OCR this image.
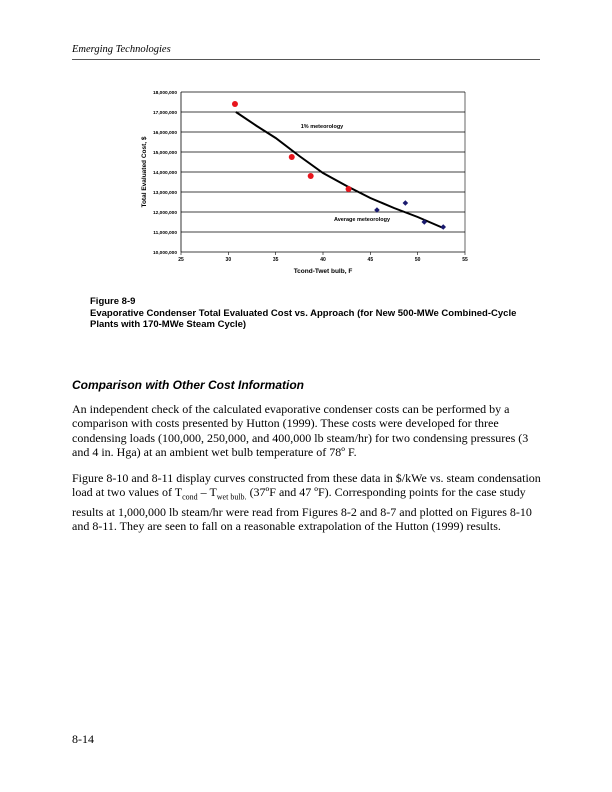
Emerging Technologies
10,000,000
11,000,000
12,000,000
13,000,000
14,000,000
15,000,000
16,000,000
17,000,000
18,000,000
25	30	35	40	45	50	55
Tcond-Twet bulb, F
Total Evaluated Cost, $
1% meteorology
Average meteorology
Figure 8-9
Evaporative Condenser Total Evaluated Cost vs. Approach (for New 500-MWe Combined-Cycle Plants with 170-MWe Steam Cycle)
Comparison with Other Cost Information
An independent check of the calculated evaporative condenser costs can be performed by a comparison with costs presented by Hutton (1999). These costs were developed for three condensing loads (100,000, 250,000, and 400,000 lb steam/hr) for two condensing pressures (3 and 4 in. Hga) at an ambient wet bulb temperature of 78º F.
Figure 8-10 and 8-11 display curves constructed from these data in $/kWe vs. steam condensation load at two values of $T_{cond} - T_{wet bulb.}$ (37ºF and 47 ºF). Corresponding points for the case study results at 1,000,000 lb steam/hr were read from Figures 8-2 and 8-7 and plotted on Figures 8-10 and 8-11. They are seen to fall on a reasonable extrapolation of the Hutton (1999) results.
8-14
